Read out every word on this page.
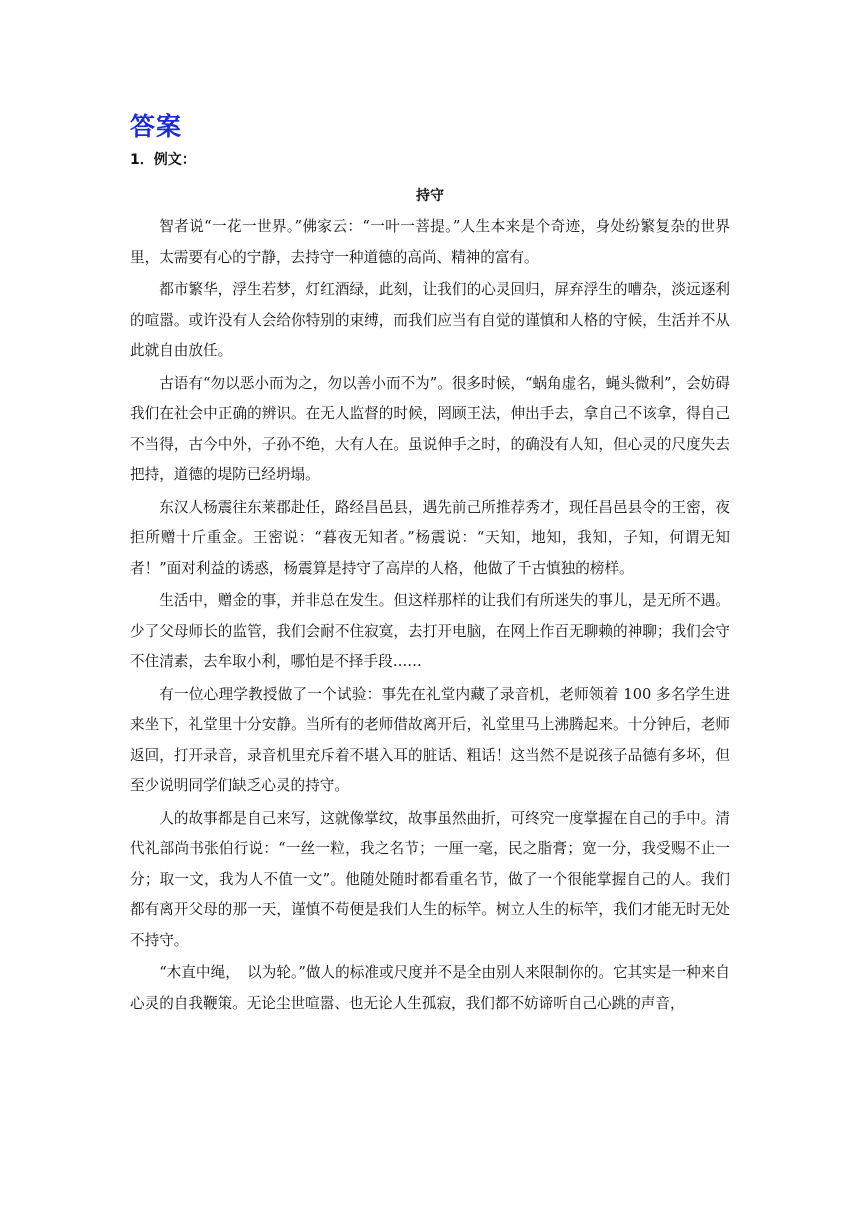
答案
1．例文：
持守

智者说“一花一世界。”佛家云：“一叶一菩提。”人生本来是个奇迹，身处纷繁复杂的世界里，太需要有心的宁静，去持守一种道德的高尚、精神的富有。

都市繁华，浮生若梦，灯红酒绿，此刻，让我们的心灵回归，屏弃浮生的嘈杂，淡远逐利的喧嚣。或许没有人会给你特别的束缚，而我们应当有自觉的谨慎和人格的守候，生活并不从此就自由放任。

古语有“勿以恶小而为之，勿以善小而不为”。很多时候，“蜗角虚名，蝇头微利”，会妨碍我们在社会中正确的辨识。在无人监督的时候，罔顾王法，伸出手去，拿自己不该拿，得自己不当得，古今中外，子孙不绝，大有人在。虽说伸手之时，的确没有人知，但心灵的尺度失去把持，道德的堤防已经坍塌。

东汉人杨震往东莱郡赴任，路经昌邑县，遇先前己所推荐秀才，现任昌邑县令的王密，夜拒所赠十斤重金。王密说：“暮夜无知者。”杨震说：“天知，地知，我知，子知，何谓无知者！”面对利益的诱惑，杨震算是持守了高岸的人格，他做了千古慎独的榜样。

生活中，赠金的事，并非总在发生。但这样那样的让我们有所迷失的事儿，是无所不遇。少了父母师长的监管，我们会耐不住寂寞，去打开电脑，在网上作百无聊赖的神聊；我们会守不住清素，去牟取小利，哪怕是不择手段……

有一位心理学教授做了一个试验：事先在礼堂内藏了录音机，老师领着 100 多名学生进来坐下，礼堂里十分安静。当所有的老师借故离开后，礼堂里马上沸腾起来。十分钟后，老师返回，打开录音，录音机里充斥着不堪入耳的脏话、粗话！这当然不是说孩子品德有多坏，但至少说明同学们缺乏心灵的持守。

人的故事都是自己来写，这就像掌纹，故事虽然曲折，可终究一度掌握在自己的手中。清代礼部尚书张伯行说：“一丝一粒，我之名节；一厘一毫，民之脂膏；宽一分，我受赐不止一分；取一文，我为人不值一文”。他随处随时都看重名节，做了一个很能掌握自己的人。我们都有离开父母的那一天，谨慎不苟便是我们人生的标竿。树立人生的标竿，我们才能无时无处不持守。

“木直中绳，　以为轮。”做人的标准或尺度并不是全由别人来限制你的。它其实是一种来自心灵的自我鞭策。无论尘世喧嚣、也无论人生孤寂，我们都不妨谛听自己心跳的声音，
